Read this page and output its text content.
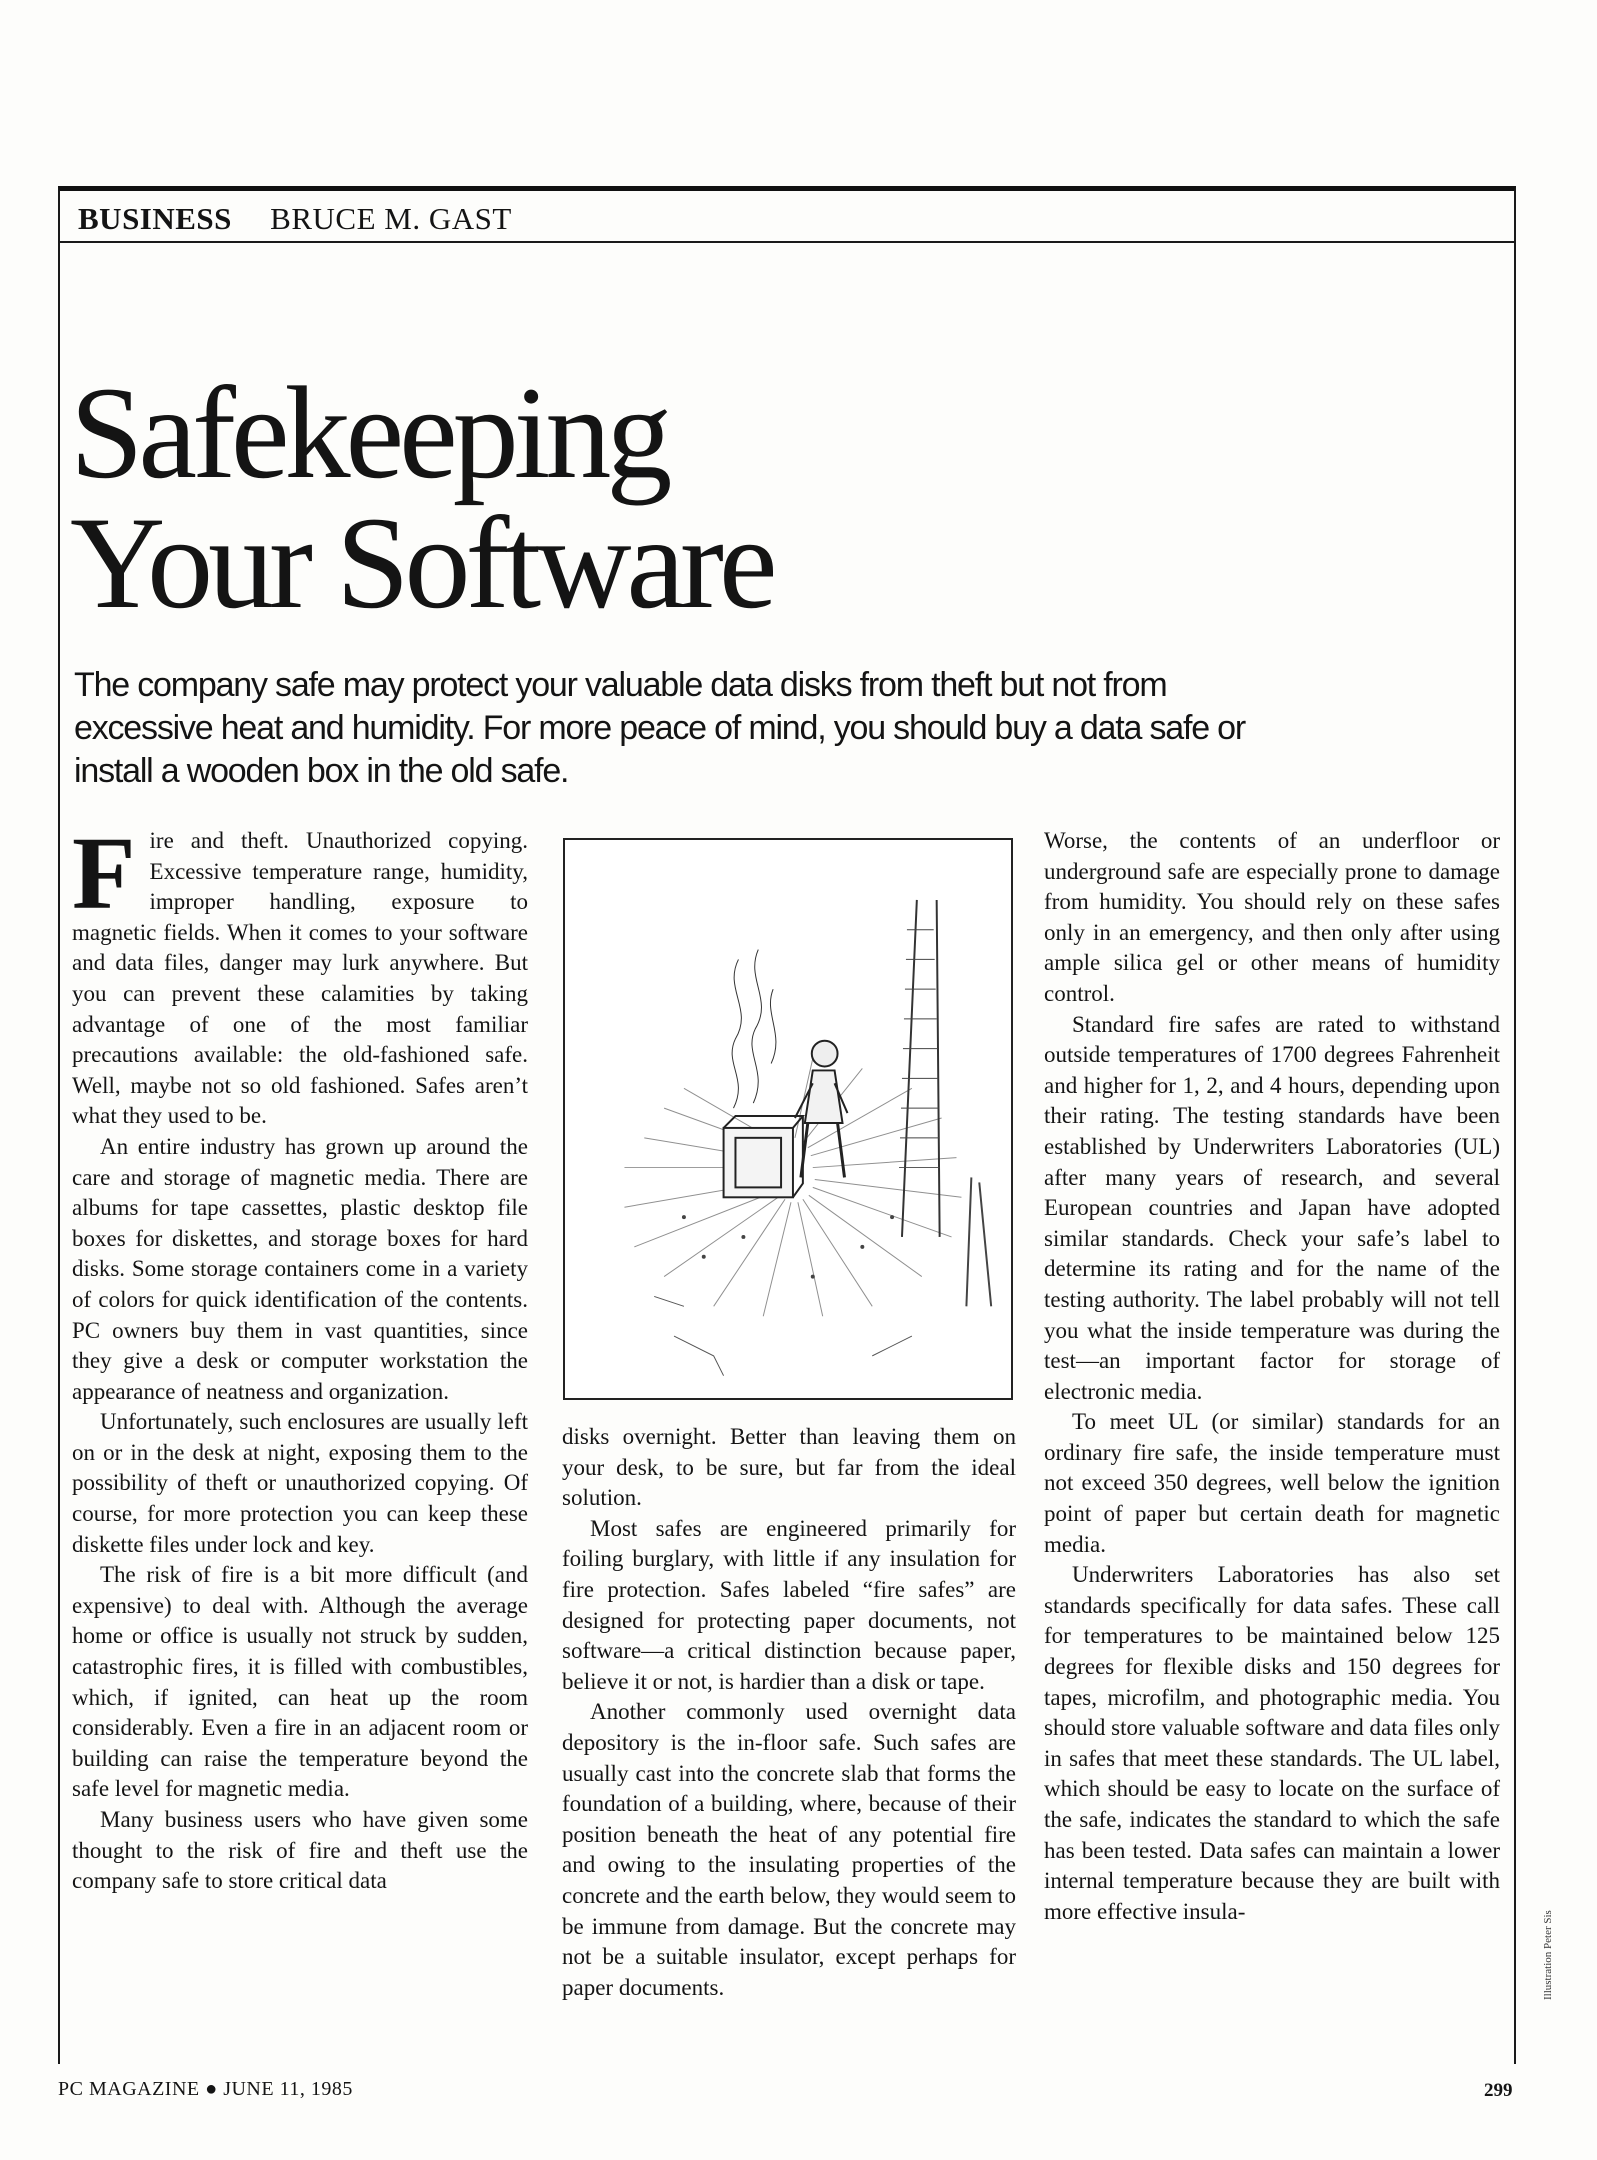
BUSINESS BRUCE M. GAST
Safekeeping
Your Software
The company safe may protect your valuable data disks from theft but not from excessive heat and humidity. For more peace of mind, you should buy a data safe or install a wooden box in the old safe.

Fire and theft. Unauthorized copying. Excessive temperature range, humidity, improper handling, exposure to magnetic fields. When it comes to your software and data files, danger may lurk anywhere. But you can prevent these calamities by taking advantage of one of the most familiar precautions available: the old-fashioned safe. Well, maybe not so old fashioned. Safes aren’t what they used to be.

An entire industry has grown up around the care and storage of magnetic media. There are albums for tape cassettes, plastic desktop file boxes for diskettes, and storage boxes for hard disks. Some storage containers come in a variety of colors for quick identification of the contents. PC owners buy them in vast quantities, since they give a desk or computer workstation the appearance of neatness and organization.

Unfortunately, such enclosures are usually left on or in the desk at night, exposing them to the possibility of theft or unauthorized copying. Of course, for more protection you can keep these diskette files under lock and key.

The risk of fire is a bit more difficult (and expensive) to deal with. Although the average home or office is usually not struck by sudden, catastrophic fires, it is filled with combustibles, which, if ignited, can heat up the room considerably. Even a fire in an adjacent room or building can raise the temperature beyond the safe level for magnetic media.

Many business users who have given some thought to the risk of fire and theft use the company safe to store critical data

disks overnight. Better than leaving them on your desk, to be sure, but far from the ideal solution.

Most safes are engineered primarily for foiling burglary, with little if any insulation for fire protection. Safes labeled “fire safes” are designed for protecting paper documents, not software—a critical distinction because paper, believe it or not, is hardier than a disk or tape.

Another commonly used overnight data depository is the in-floor safe. Such safes are usually cast into the concrete slab that forms the foundation of a building, where, because of their position beneath the heat of any potential fire and owing to the insulating properties of the concrete and the earth below, they would seem to be immune from damage. But the concrete may not be a suitable insulator, except perhaps for paper documents.

Worse, the contents of an underfloor or underground safe are especially prone to damage from humidity. You should rely on these safes only in an emergency, and then only after using ample silica gel or other means of humidity control.

Standard fire safes are rated to withstand outside temperatures of 1700 degrees Fahrenheit and higher for 1, 2, and 4 hours, depending upon their rating. The testing standards have been established by Underwriters Laboratories (UL) after many years of research, and several European countries and Japan have adopted similar standards. Check your safe’s label to determine its rating and for the name of the testing authority. The label probably will not tell you what the inside temperature was during the test—an important factor for storage of electronic media.

To meet UL (or similar) standards for an ordinary fire safe, the inside temperature must not exceed 350 degrees, well below the ignition point of paper but certain death for magnetic media.

Underwriters Laboratories has also set standards specifically for data safes. These call for temperatures to be maintained below 125 degrees for flexible disks and 150 degrees for tapes, microfilm, and photographic media. You should store valuable software and data files only in safes that meet these standards. The UL label, which should be easy to locate on the surface of the safe, indicates the standard to which the safe has been tested. Data safes can maintain a lower internal temperature because they are built with more effective insula-	Illustration Peter Sis
PC MAGAZINE ● JUNE 11, 1985	299
